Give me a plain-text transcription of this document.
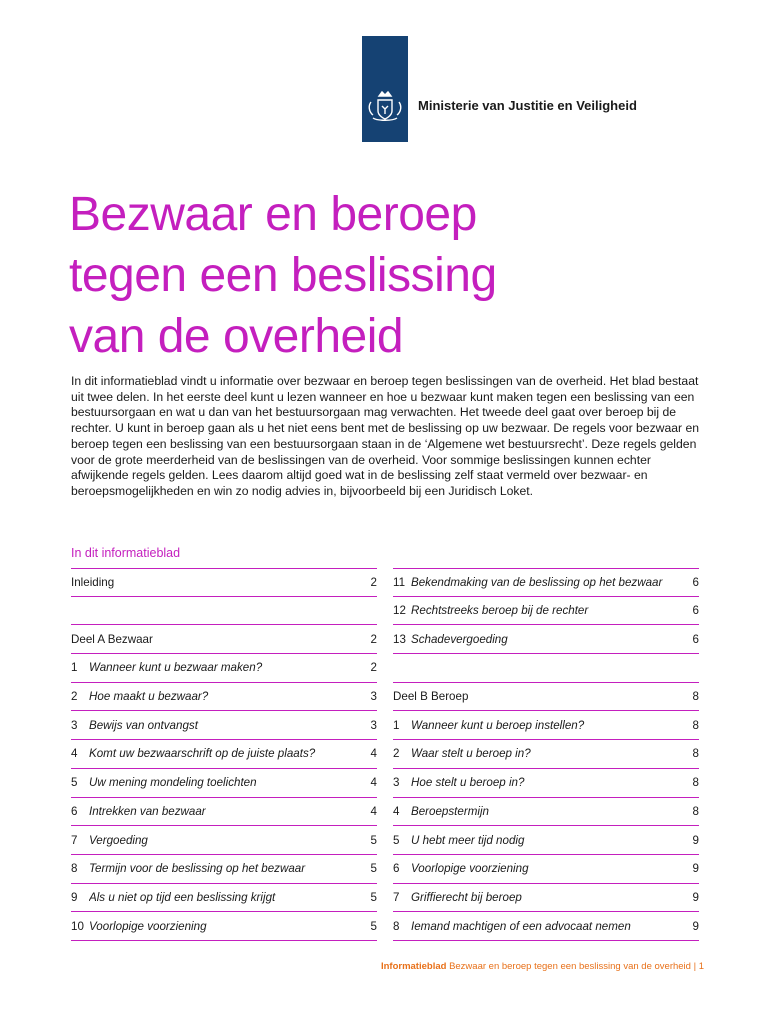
Ministerie van Justitie en Veiligheid
Bezwaar en beroep
tegen een beslissing
van de overheid

In dit informatieblad vindt u informatie over bezwaar en beroep tegen beslissingen van de overheid. Het blad bestaat uit twee delen. In het eerste deel kunt u lezen wanneer en hoe u bezwaar kunt maken tegen een beslissing van een bestuursorgaan en wat u dan van het bestuursorgaan mag verwachten. Het tweede deel gaat over beroep bij de rechter. U kunt in beroep gaan als u het niet eens bent met de beslissing op uw bezwaar. De regels voor bezwaar en beroep tegen een beslissing van een bestuursorgaan staan in de ‘Algemene wet bestuursrecht’. Deze regels gelden voor de grote meerderheid van de beslissingen van de overheid. Voor sommige beslissingen kunnen echter afwijkende regels gelden. Lees daarom altijd goed wat in de beslissing zelf staat vermeld over bezwaar- en beroepsmogelijkheden en win zo nodig advies in, bijvoorbeeld bij een Juridisch Loket.

In dit informatieblad
Inleiding	2
Deel A Bezwaar	2
1 Wanneer kunt u bezwaar maken?	2
2 Hoe maakt u bezwaar?	3
3 Bewijs van ontvangst	3
4 Komt uw bezwaarschrift op de juiste plaats?	4
5 Uw mening mondeling toelichten	4
6 Intrekken van bezwaar	4
7 Vergoeding	5
8 Termijn voor de beslissing op het bezwaar	5
9 Als u niet op tijd een beslissing krijgt	5
10 Voorlopige voorziening	5
11 Bekendmaking van de beslissing op het bezwaar	6
12 Rechtstreeks beroep bij de rechter	6
13 Schadevergoeding	6
Deel B Beroep	8
1 Wanneer kunt u beroep instellen?	8
2 Waar stelt u beroep in?	8
3 Hoe stelt u beroep in?	8
4 Beroepstermijn	8
5 U hebt meer tijd nodig	9
6 Voorlopige voorziening	9
7 Griffierecht bij beroep	9
8 Iemand machtigen of een advocaat nemen	9
Informatieblad Bezwaar en beroep tegen een beslissing van de overheid | 1
